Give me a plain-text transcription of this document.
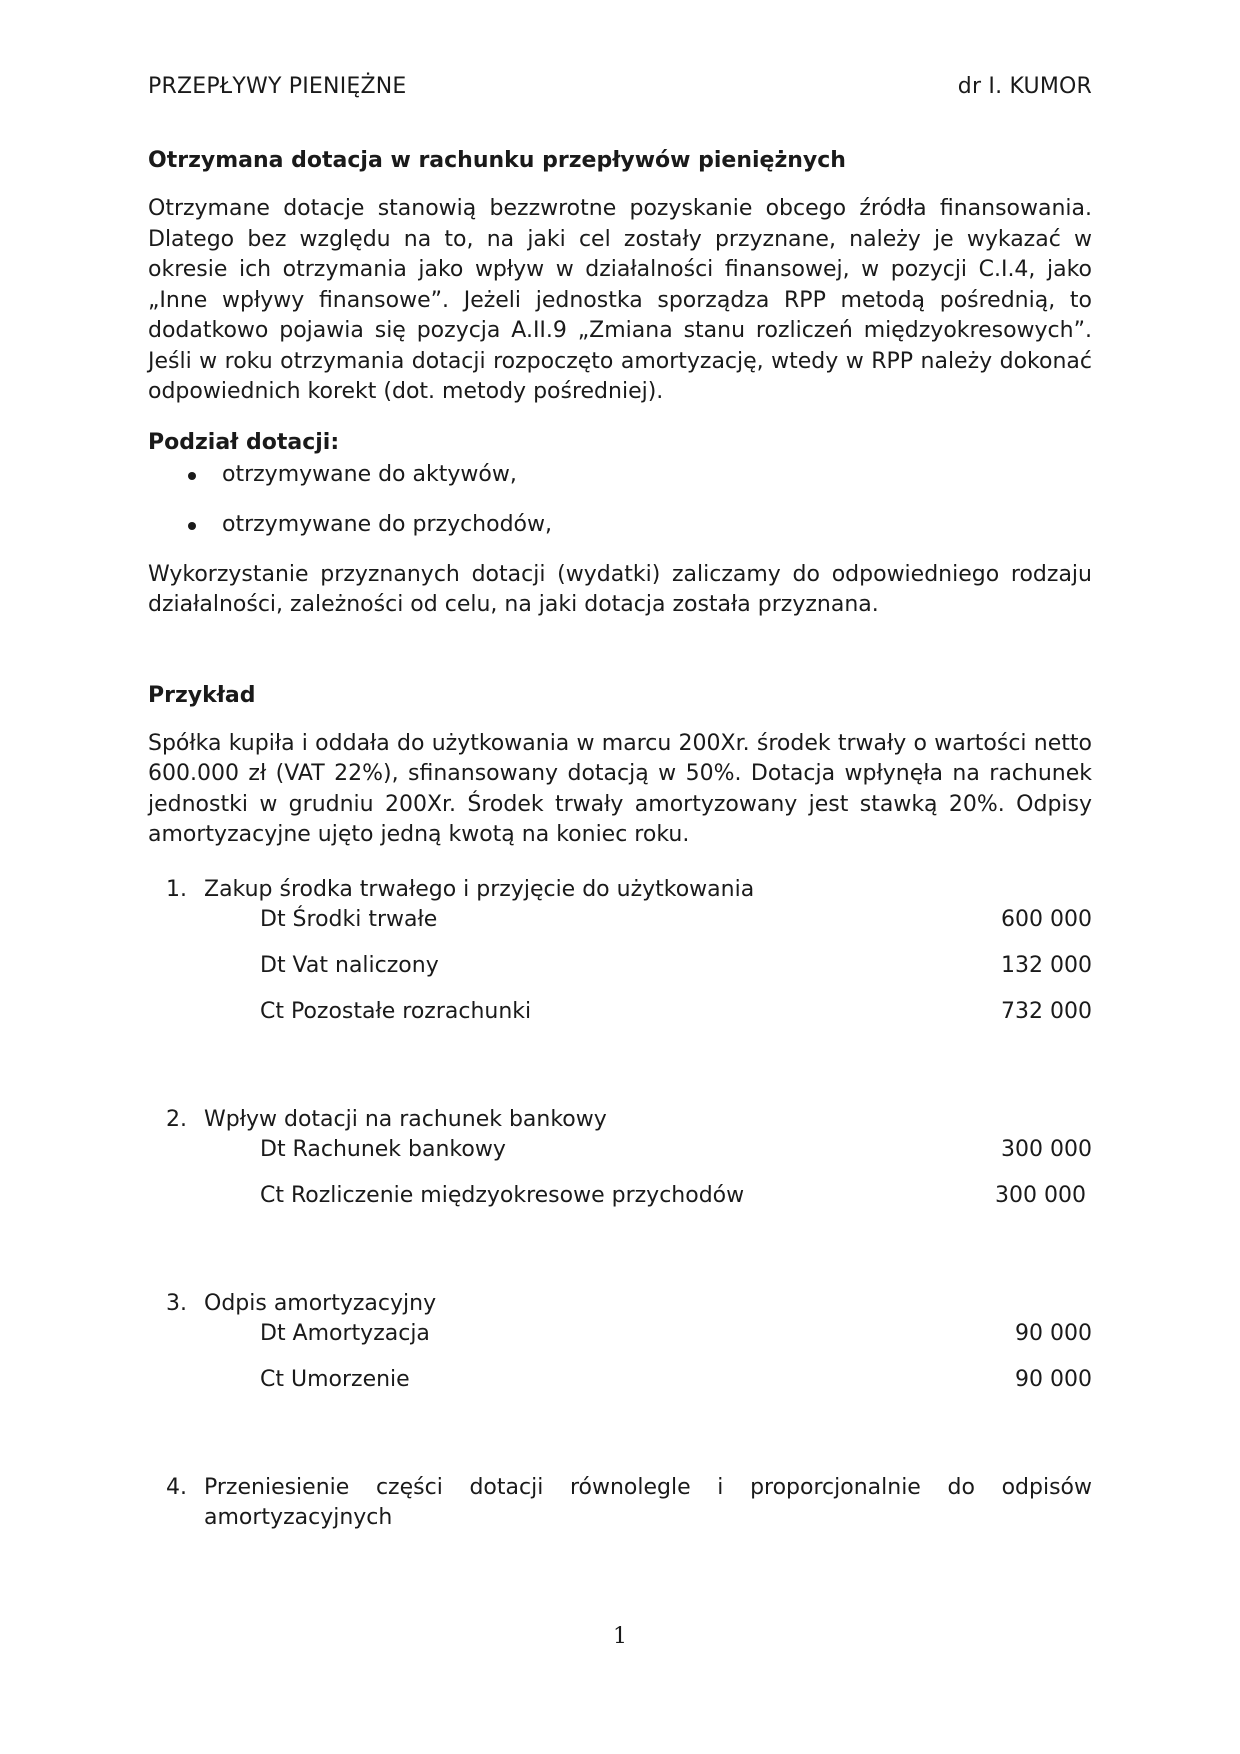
PRZEPŁYWY PIENIĘŻNE	dr I. KUMOR
Otrzymana dotacja w rachunku przepływów pieniężnych

Otrzymane dotacje stanowią bezzwrotne pozyskanie obcego źródła finansowania. Dlatego bez względu na to, na jaki cel zostały przyznane, należy je wykazać w okresie ich otrzymania jako wpływ w działalności finansowej, w pozycji C.I.4, jako „Inne wpływy finansowe”. Jeżeli jednostka sporządza RPP metodą pośrednią, to dodatkowo pojawia się pozycja A.II.9 „Zmiana stanu rozliczeń międzyokresowych”. Jeśli w roku otrzymania dotacji rozpoczęto amortyzację, wtedy w RPP należy dokonać odpowiednich korekt (dot. metody pośredniej).

Podział dotacji:
otrzymywane do aktywów,
otrzymywane do przychodów,

Wykorzystanie przyznanych dotacji (wydatki) zaliczamy do odpowiedniego rodzaju działalności, zależności od celu, na jaki dotacja została przyznana.

Przykład

Spółka kupiła i oddała do użytkowania w marcu 200Xr. środek trwały o wartości netto 600.000 zł (VAT 22%), sfinansowany dotacją w 50%. Dotacja wpłynęła na rachunek jednostki w grudniu 200Xr. Środek trwały amortyzowany jest stawką 20%. Odpisy amortyzacyjne ujęto jedną kwotą na koniec roku.

1. Zakup środka trwałego i przyjęcie do użytkowania
Dt Środki trwałe	600 000
Dt Vat naliczony	132 000
Ct Pozostałe rozrachunki	732 000
2. Wpływ dotacji na rachunek bankowy
Dt Rachunek bankowy	300 000
Ct Rozliczenie międzyokresowe przychodów	300 000
3. Odpis amortyzacyjny
Dt Amortyzacja	90 000
Ct Umorzenie	90 000
4. Przeniesienie części dotacji równolegle i proporcjonalnie do odpisów amortyzacyjnych
1
